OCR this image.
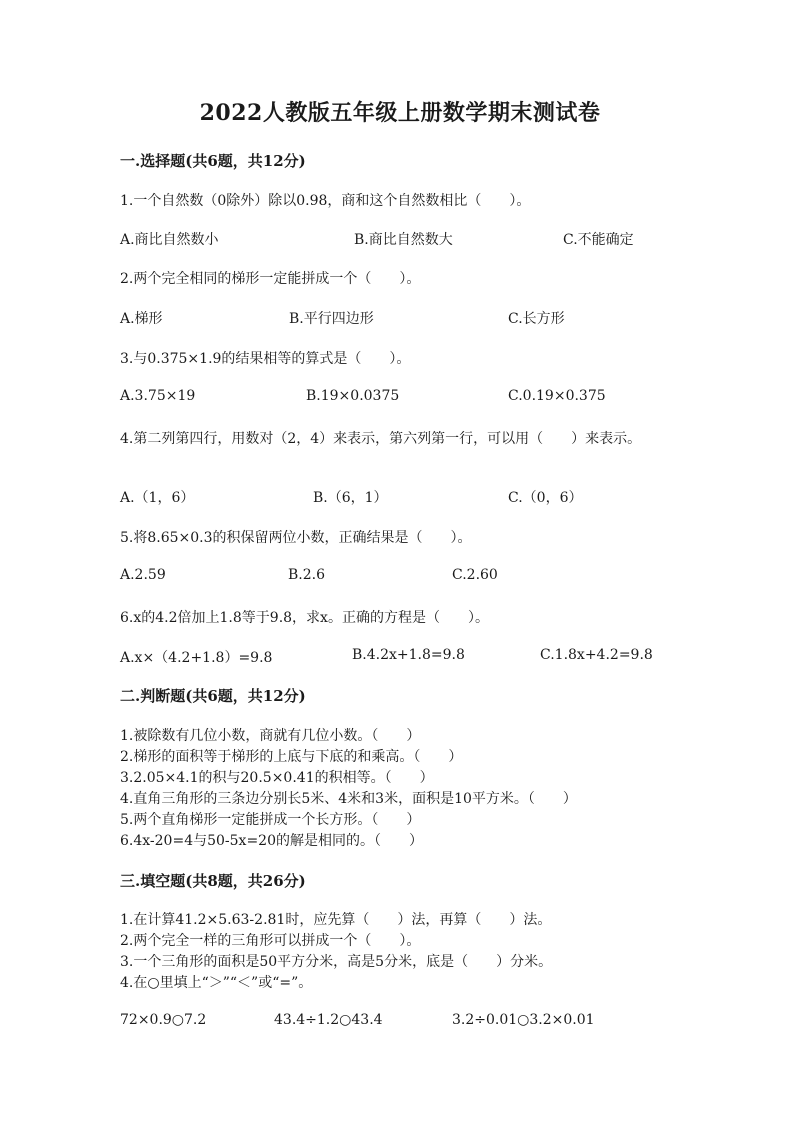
2022人教版五年级上册数学期末测试卷
一.选择题(共6题，共12分)
1.一个自然数（0除外）除以0.98，商和这个自然数相比（　　）。
A.商比自然数小	B.商比自然数大	C.不能确定
2.两个完全相同的梯形一定能拼成一个（　　）。
A.梯形	B.平行四边形	C.长方形
3.与0.375×1.9的结果相等的算式是（　　）。
A.3.75×19	B.19×0.0375	C.0.19×0.375
4.第二列第四行，用数对（2，4）来表示，第六列第一行，可以用（　　）来表示。
A.（1，6）	B.（6，1）	C.（0，6）
5.将8.65×0.3的积保留两位小数，正确结果是（　　）。
A.2.59	B.2.6	C.2.60
6.x的4.2倍加上1.8等于9.8，求x。正确的方程是（　　）。
A.x×（4.2+1.8）=9.8	B.4.2x+1.8=9.8	C.1.8x+4.2=9.8
二.判断题(共6题，共12分)
1.被除数有几位小数，商就有几位小数。（　　）
2.梯形的面积等于梯形的上底与下底的和乘高。（　　）
3.2.05×4.1的积与20.5×0.41的积相等。（　　）
4.直角三角形的三条边分别长5米、4米和3米，面积是10平方米。（　　）
5.两个直角梯形一定能拼成一个长方形。（　　）
6.4x-20=4与50-5x=20的解是相同的。（　　）
三.填空题(共8题，共26分)
1.在计算41.2×5.63-2.81时，应先算（　　）法，再算（　　）法。
2.两个完全一样的三角形可以拼成一个（　　）。
3.一个三角形的面积是50平方分米，高是5分米，底是（　　）分米。
4.在○里填上“＞”“＜”或“=”。
72×0.9○7.2	43.4÷1.2○43.4	3.2÷0.01○3.2×0.01
